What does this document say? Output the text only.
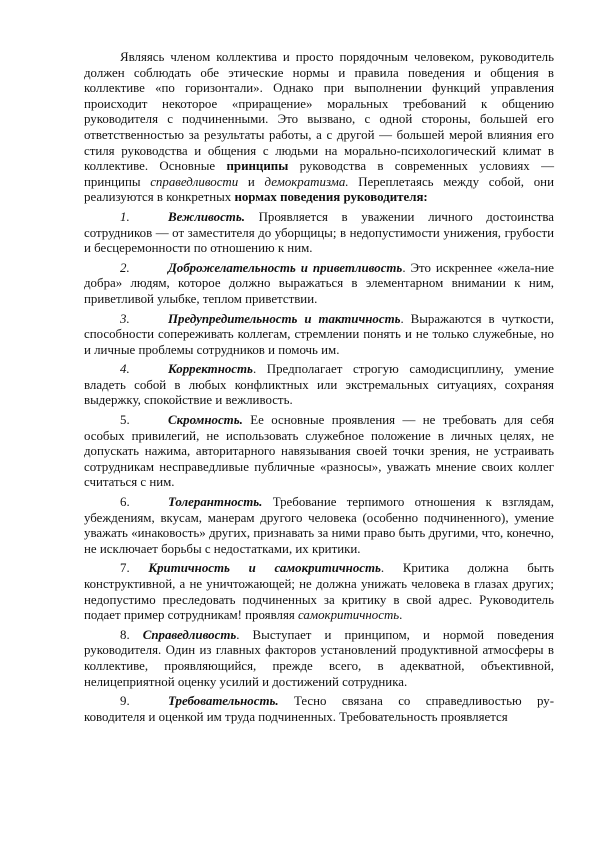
Являясь членом коллектива и просто порядочным человеком, руководитель должен соблюдать обе этические нормы и правила поведения и общения в коллективе «по горизонтали». Однако при выполнении функций управления происходит некоторое «приращение» моральных требований к общению руководителя с подчиненными. Это вызвано, с одной стороны, большей его ответственностью за результаты работы, а с другой — большей мерой влияния его стиля руководства и общения с людьми на морально-психологический климат в коллективе. Основные принципы руководства в современных условиях — принципы справедливости и демократизма. Переплетаясь между собой, они реализуются в конкретных нормах поведения руководителя:

1.	Вежливость. Проявляется в уважении личного достоинства сотрудников — от заместителя до уборщицы; в недопустимости унижения, грубости и бесцеремонности по отношению к ним.

2.	Доброжелательность и приветливость. Это искреннее «жела-ние добра» людям, которое должно выражаться в элементарном внимании к ним, приветливой улыбке, теплом приветствии.

3.	Предупредительность и тактичность. Выражаются в чуткости, способности сопереживать коллегам, стремлении понять и не только служебные, но и личные проблемы сотрудников и помочь им.

4.	Корректность. Предполагает строгую самодисциплину, умение владеть собой в любых конфликтных или экстремальных ситуациях, сохраняя выдержку, спокойствие и вежливость.

5.	Скромность. Ее основные проявления — не требовать для себя особых привилегий, не использовать служебное положение в личных целях, не допускать нажима, авторитарного навязывания своей точки зрения, не устраивать сотрудникам несправедливые публичные «разносы», уважать мнение своих коллег считаться с ним.

6.	Толерантность. Требование терпимого отношения к взглядам, убеждениям, вкусам, манерам другого человека (особенно подчиненного), умение уважать «инаковость» других, признавать за ними право быть другими, что, конечно, не исключает борьбы с недостатками, их критики.

7. Критичность и самокритичность. Критика должна быть конструктивной, а не уничтожающей; не должна унижать человека в глазах других; недопустимо преследовать подчиненных за критику в свой адрес. Руководитель подает пример сотрудникам! проявляя самокритичность.

8. Справедливость. Выступает и принципом, и нормой поведения руководителя. Один из главных факторов установлений продуктивной атмосферы в коллективе, проявляющийся, прежде всего, в адекватной, объективной, нелицеприятной оценку усилий и достижений сотрудника.

9.	Требовательность. Тесно связана со справедливостью ру-ководителя и оценкой им труда подчиненных. Требовательность проявляется
